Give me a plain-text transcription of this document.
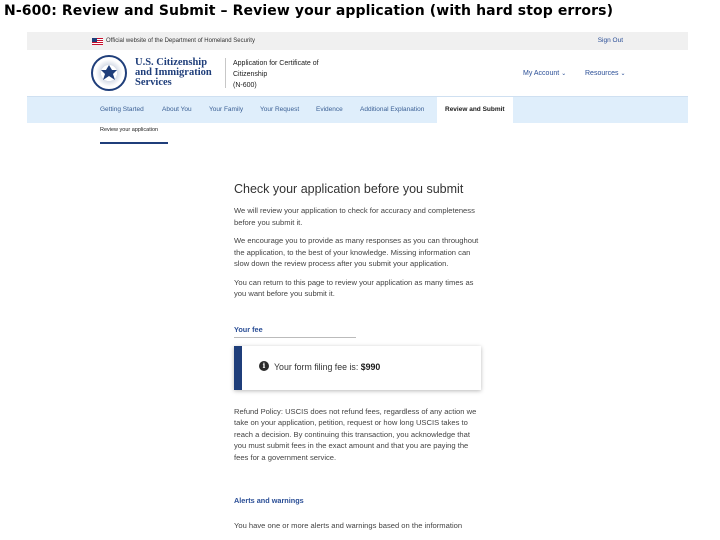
N-600: Review and Submit – Review your application (with hard stop errors)
Official website of the Department of Homeland Security	Sign Out
U.S. Citizenship
and Immigration
Services
Application for Certificate of
Citizenship
(N-600)
My Account ⌄	Resources ⌄
Getting Started	About You	Your Family	Your Request	Evidence	Additional Explanation	Review and Submit
Review your application
Check your application before you submit
We will review your application to check for accuracy and completeness before you submit it.
We encourage you to provide as many responses as you can throughout the application, to the best of your knowledge. Missing information can slow down the review process after you submit your application.
You can return to this page to review your application as many times as you want before you submit it.
Your fee
i Your form filing fee is: $990
Refund Policy: USCIS does not refund fees, regardless of any action we take on your application, petition, request or how long USCIS takes to reach a decision. By continuing this transaction, you acknowledge that you must submit fees in the exact amount and that you are paying the fees for a government service.
Alerts and warnings
You have one or more alerts and warnings based on the information
